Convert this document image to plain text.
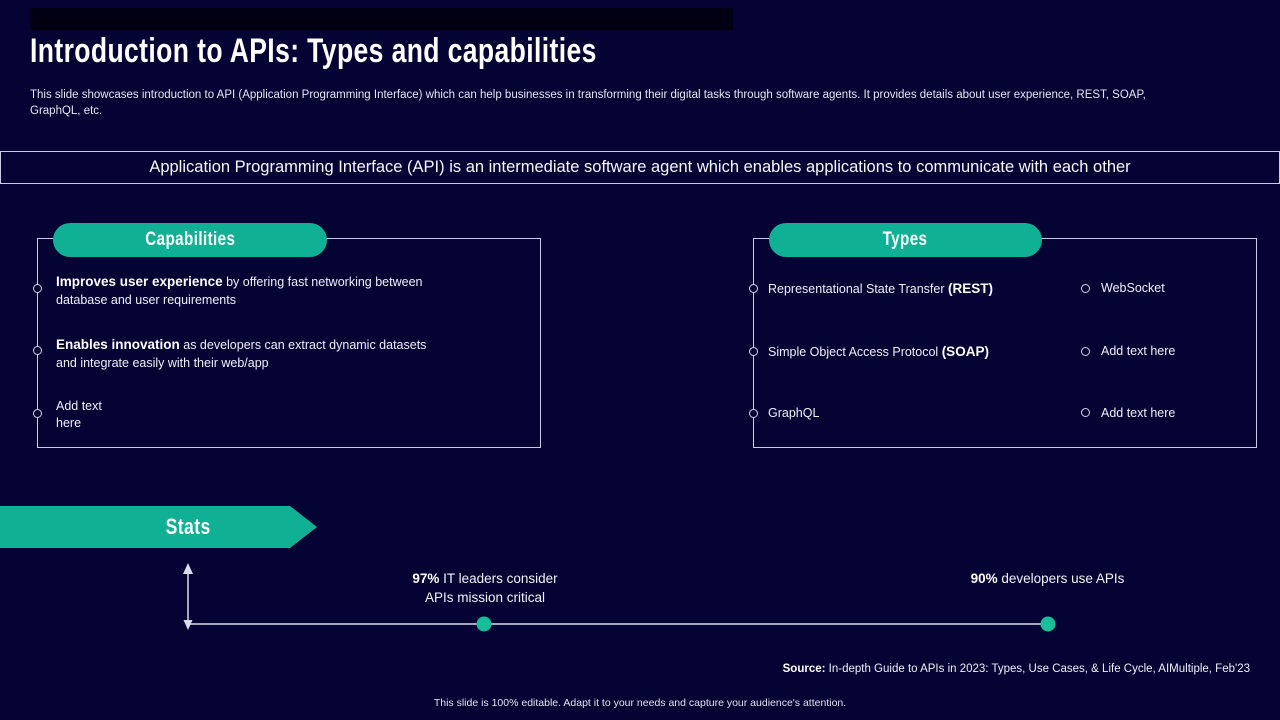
Introduction to APIs: Types and capabilities

This slide showcases introduction to API (Application Programming Interface) which can help businesses in transforming their digital tasks through software agents. It provides details about user experience, REST, SOAP, GraphQL, etc.

Application Programming Interface (API) is an intermediate software agent which enables applications to communicate with each other
Capabilities

Improves user experience by offering fast networking between database and user requirements

Enables innovation as developers can extract dynamic datasets and integrate easily with their web/app

Add text here

Types

Representational State Transfer (REST)

Simple Object Access Protocol (SOAP)

GraphQL

WebSocket

Add text here

Add text here

Stats

97% IT leaders consider APIs mission critical

90% developers use APIs

Source: In-depth Guide to APIs in 2023: Types, Use Cases, & Life Cycle, AIMultiple, Feb'23

This slide is 100% editable. Adapt it to your needs and capture your audience's attention.
